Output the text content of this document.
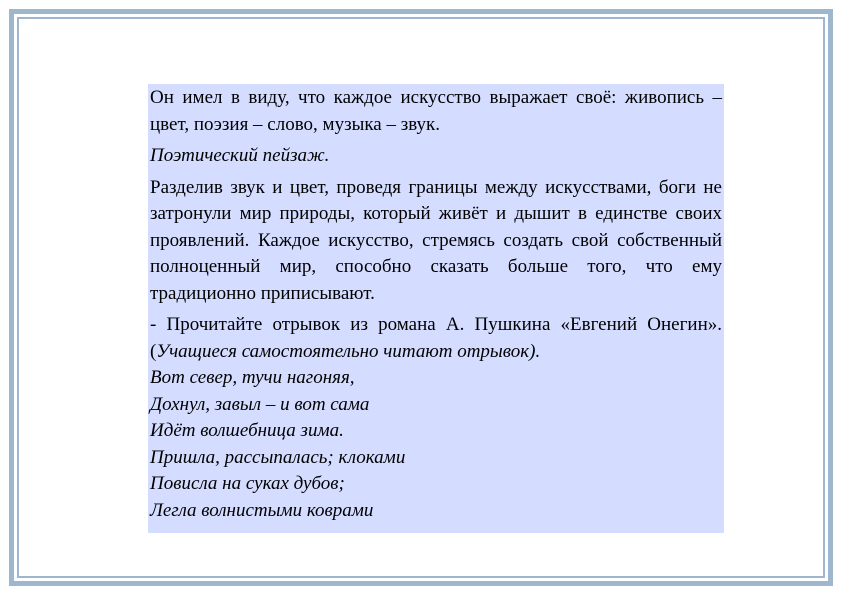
Он имел в виду, что каждое искусство выражает своё: живопись – цвет, поэзия – слово, музыка – звук.

Поэтический пейзаж.

Разделив звук и цвет, проведя границы между искусствами, боги не затронули мир природы, который живёт и дышит в единстве своих проявлений. Каждое искусство, стремясь создать свой собственный полноценный мир, способно сказать больше того, что ему традиционно приписывают.

- Прочитайте отрывок из романа А. Пушкина «Евгений Онегин». (Учащиеся самостоятельно читают отрывок).

Вот север, тучи нагоняя,

Дохнул, завыл – и вот сама

Идёт волшебница зима.

Пришла, рассыпалась; клоками

Повисла на суках дубов;

Легла волнистыми коврами
